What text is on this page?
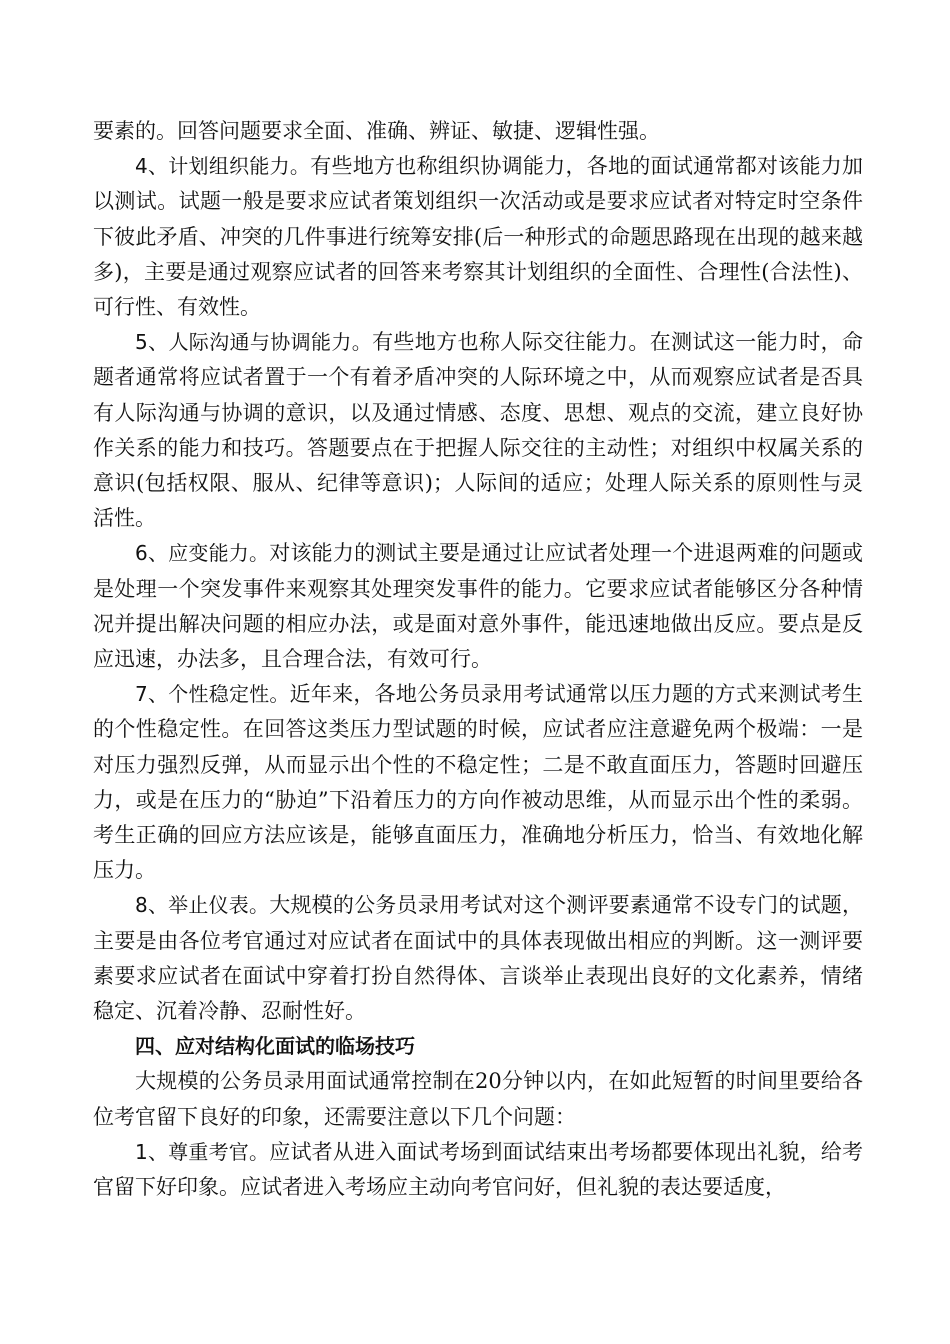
要素的。回答问题要求全面、准确、辨证、敏捷、逻辑性强。

4、计划组织能力。有些地方也称组织协调能力，各地的面试通常都对该能力加以测试。试题一般是要求应试者策划组织一次活动或是要求应试者对特定时空条件下彼此矛盾、冲突的几件事进行统筹安排(后一种形式的命题思路现在出现的越来越多)，主要是通过观察应试者的回答来考察其计划组织的全面性、合理性(合法性)、可行性、有效性。

5、人际沟通与协调能力。有些地方也称人际交往能力。在测试这一能力时，命题者通常将应试者置于一个有着矛盾冲突的人际环境之中，从而观察应试者是否具有人际沟通与协调的意识，以及通过情感、态度、思想、观点的交流，建立良好协作关系的能力和技巧。答题要点在于把握人际交往的主动性；对组织中权属关系的意识(包括权限、服从、纪律等意识)；人际间的适应；处理人际关系的原则性与灵活性。

6、应变能力。对该能力的测试主要是通过让应试者处理一个进退两难的问题或是处理一个突发事件来观察其处理突发事件的能力。它要求应试者能够区分各种情况并提出解决问题的相应办法，或是面对意外事件，能迅速地做出反应。要点是反应迅速，办法多，且合理合法，有效可行。

7、个性稳定性。近年来，各地公务员录用考试通常以压力题的方式来测试考生的个性稳定性。在回答这类压力型试题的时候，应试者应注意避免两个极端：一是对压力强烈反弹，从而显示出个性的不稳定性；二是不敢直面压力，答题时回避压力，或是在压力的“胁迫”下沿着压力的方向作被动思维，从而显示出个性的柔弱。考生正确的回应方法应该是，能够直面压力，准确地分析压力，恰当、有效地化解压力。

8、举止仪表。大规模的公务员录用考试对这个测评要素通常不设专门的试题，主要是由各位考官通过对应试者在面试中的具体表现做出相应的判断。这一测评要素要求应试者在面试中穿着打扮自然得体、言谈举止表现出良好的文化素养，情绪稳定、沉着冷静、忍耐性好。

四、应对结构化面试的临场技巧

大规模的公务员录用面试通常控制在20分钟以内，在如此短暂的时间里要给各位考官留下良好的印象，还需要注意以下几个问题：

1、尊重考官。应试者从进入面试考场到面试结束出考场都要体现出礼貌，给考官留下好印象。应试者进入考场应主动向考官问好，但礼貌的表达要适度，
